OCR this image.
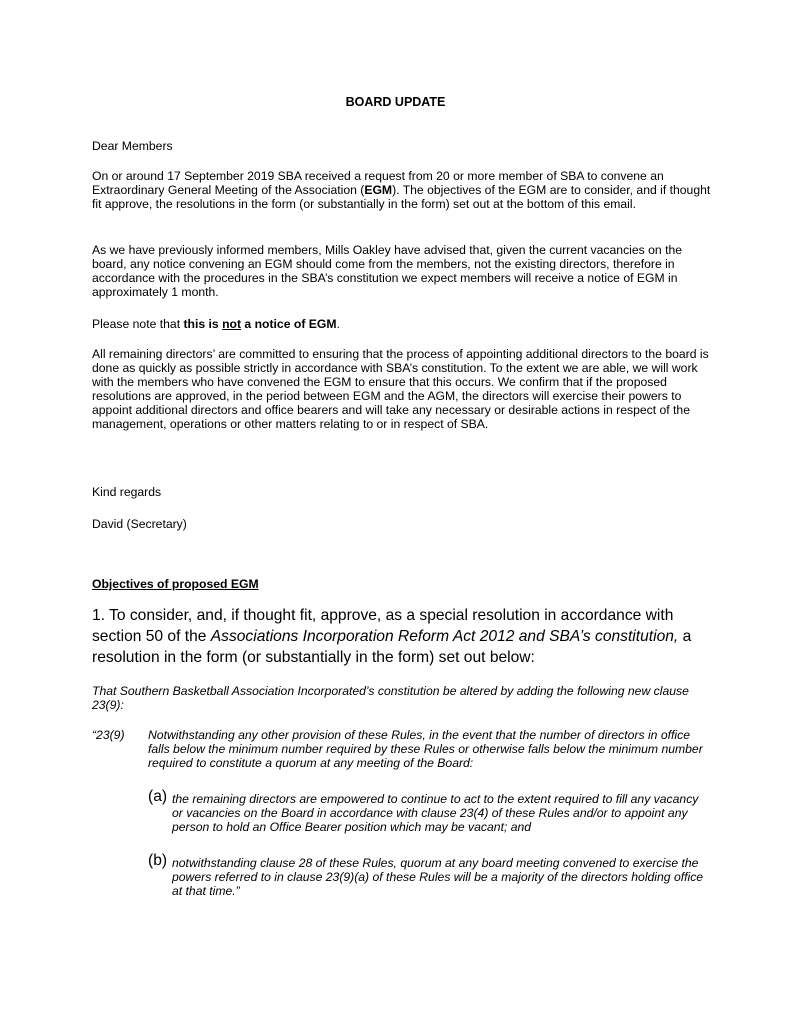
BOARD UPDATE

Dear Members

On or around 17 September 2019 SBA received a request from 20 or more member of SBA to convene an Extraordinary General Meeting of the Association (EGM). The objectives of the EGM are to consider, and if thought fit approve, the resolutions in the form (or substantially in the form) set out at the bottom of this email.

As we have previously informed members, Mills Oakley have advised that, given the current vacancies on the board, any notice convening an EGM should come from the members, not the existing directors, therefore in accordance with the procedures in the SBA’s constitution we expect members will receive a notice of EGM in approximately 1 month.

Please note that this is not a notice of EGM.

All remaining directors’ are committed to ensuring that the process of appointing additional directors to the board is done as quickly as possible strictly in accordance with SBA’s constitution. To the extent we are able, we will work with the members who have convened the EGM to ensure that this occurs. We confirm that if the proposed resolutions are approved, in the period between EGM and the AGM, the directors will exercise their powers to appoint additional directors and office bearers and will take any necessary or desirable actions in respect of the management, operations or other matters relating to or in respect of SBA.

Kind regards

David (Secretary)

Objectives of proposed EGM

1. To consider, and, if thought fit, approve, as a special resolution in accordance with section 50 of the Associations Incorporation Reform Act 2012 and SBA’s constitution, a resolution in the form (or substantially in the form) set out below:

That Southern Basketball Association Incorporated’s constitution be altered by adding the following new clause 23(9):

“23(9) Notwithstanding any other provision of these Rules, in the event that the number of directors in office falls below the minimum number required by these Rules or otherwise falls below the minimum number required to constitute a quorum at any meeting of the Board:
(a) the remaining directors are empowered to continue to act to the extent required to fill any vacancy or vacancies on the Board in accordance with clause 23(4) of these Rules and/or to appoint any person to hold an Office Bearer position which may be vacant; and
(b) notwithstanding clause 28 of these Rules, quorum at any board meeting convened to exercise the powers referred to in clause 23(9)(a) of these Rules will be a majority of the directors holding office at that time.”
